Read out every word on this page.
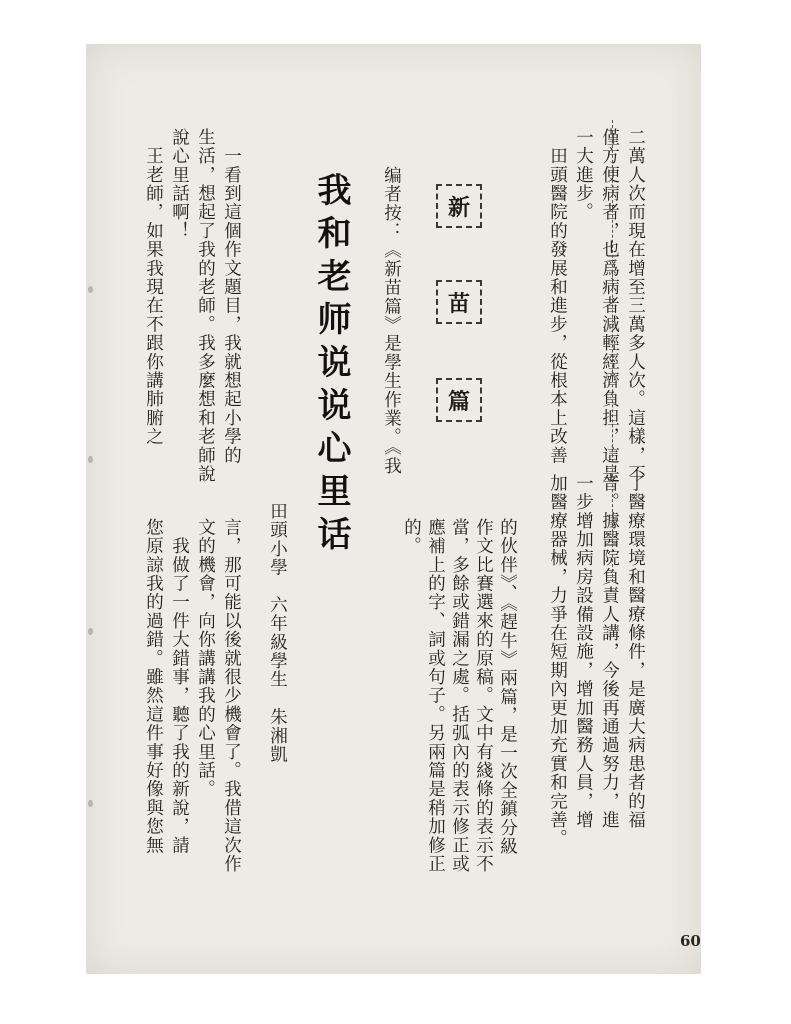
二萬人次而現在增至三萬多人次。這樣，不
僅方便病者，也爲病者減輕經濟負担，這是
一大進步。
　田頭醫院的發展和進步，從根本上改善
了醫療環境和醫療條件，是廣大病患者的福
音。據醫院負責人講，今後再通過努力，進
一步增加病房設備設施，增加醫務人員，增
加醫療器械，力爭在短期內更加充實和完善。
的伙伴》、《趕牛》兩篇，是一次全鎮分級
作文比賽選來的原稿。文中有綫條的表示不
當，多餘或錯漏之處。括弧內的表示修正或
應補上的字、詞或句子。另兩篇是稍加修正
的。
新
苗
篇
编者按：《新苗篇》是學生作業。《我
我和老师说说心里话
田頭小學　六年級學生　朱湘凱
　一看到這個作文題目，我就想起小學的
生活，想起了我的老師。我多麼想和老師說
說心里話啊！
　王老師，如果我現在不跟你講肺腑之
言，那可能以後就很少機會了。我借這次作
文的機會，向你講講我的心里話。
　我做了一件大錯事，聽了我的新說，請
您原諒我的過錯。雖然這件事好像與您無
60
